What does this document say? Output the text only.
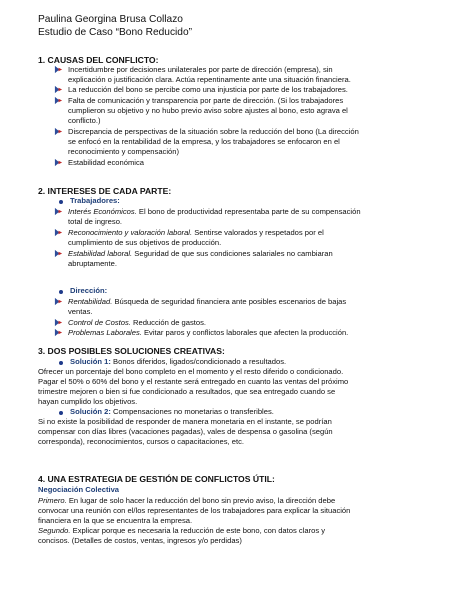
Paulina Georgina Brusa Collazo
Estudio de Caso “Bono Reducido”
1. CAUSAS DEL CONFLICTO:
Incertidumbre por decisiones unilaterales por parte de dirección (empresa), sin
explicación o justificación clara. Actúa repentinamente ante una situación financiera.
La reducción del bono se percibe como una injusticia por parte de los trabajadores.
Falta de comunicación y transparencia por parte de dirección. (Si los trabajadores
cumplieron su objetivo y no hubo previo aviso sobre ajustes al bono, esto agrava el
conflicto.)
Discrepancia de perspectivas de la situación sobre la reducción del bono (La dirección
se enfocó en la rentabilidad de la empresa, y los trabajadores se enfocaron en el
reconocimiento y compensación)
Estabilidad económica
2. INTERESES DE CADA PARTE:
Trabajadores:
Interés Económicos. El bono de productividad representaba parte de su compensación
total de ingreso.
Reconocimiento y valoración laboral. Sentirse valorados y respetados por el
cumplimiento de sus objetivos de producción.
Estabilidad laboral. Seguridad de que sus condiciones salariales no cambiaran
abruptamente.
Dirección:
Rentabilidad. Búsqueda de seguridad financiera ante posibles escenarios de bajas
ventas.
Control de Costos. Reducción de gastos.
Problemas Laborales. Evitar paros y conflictos laborales que afecten la producción.
3. DOS POSIBLES SOLUCIONES CREATIVAS:
Solución 1: Bonos diferidos, ligados/condicionado a resultados.
Ofrecer un porcentaje del bono completo en el momento y el resto diferido o condicionado.
Pagar el 50% o 60% del bono y el restante será entregado en cuanto las ventas del próximo
trimestre mejoren o bien si fue condicionado a resultados, que sea entregado cuando se
hayan cumplido los objetivos.
Solución 2: Compensaciones no monetarias o transferibles.
Si no existe la posibilidad de responder de manera monetaria en el instante, se podrían
compensar con días libres (vacaciones pagadas), vales de despensa o gasolina (según
corresponda), reconocimientos, cursos o capacitaciones, etc.
4. UNA ESTRATEGIA DE GESTIÓN DE CONFLICTOS ÚTIL:
Negociación Colectiva
Primero. En lugar de solo hacer la reducción del bono sin previo aviso, la dirección debe
convocar una reunión con el/los representantes de los trabajadores para explicar la situación
financiera en la que se encuentra la empresa.
Segundo. Explicar porque es necesaria la reducción de este bono, con datos claros y
concisos. (Detalles de costos, ventas, ingresos y/o perdidas)
